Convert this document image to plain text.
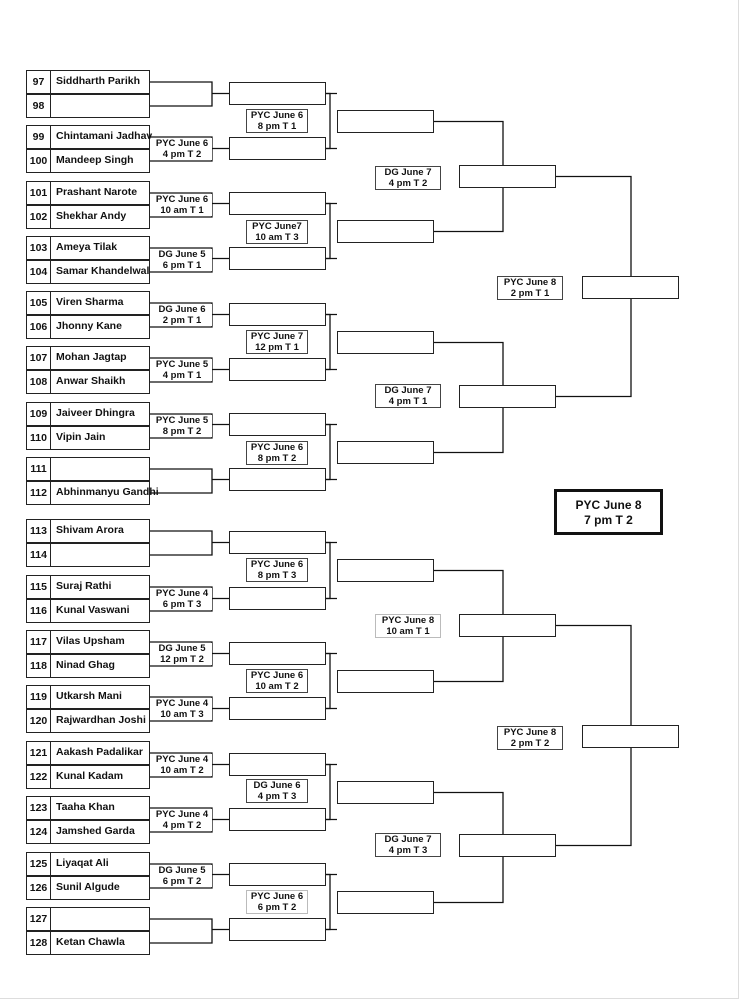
97	Siddharth Parikh
98
99	Chintamani Jadhav
100 Mandeep Singh
101 Prashant Narote
102 Shekhar Andy
103 Ameya Tilak
104 Samar Khandelwal
105 Viren Sharma
106 Jhonny Kane
107 Mohan Jagtap
108 Anwar Shaikh
109 Jaiveer Dhingra
110 Vipin Jain
111
112 Abhinmanyu Gandhi
113 Shivam Arora
114
115 Suraj Rathi
116 Kunal Vaswani
117 Vilas Upsham
118 Ninad Ghag
119 Utkarsh Mani
120 Rajwardhan Joshi
121 Aakash Padalikar
122 Kunal Kadam
123 Taaha Khan
124 Jamshed Garda
125 Liyaqat Ali
126 Sunil Algude
127
128 Ketan Chawla
PYC June 6
4 pm T 2
PYC June 6
10 am T 1
DG June 5
6 pm T 1
DG June 6
2 pm T 1
PYC June 5
4 pm T 1
PYC June 5
8 pm T 2
PYC June 4
6 pm T 3
DG June 5
12 pm T 2
PYC June 4
10 am T 3
PYC June 4
10 am T 2
PYC June 4
4 pm T 2
DG June 5
6 pm T 2
PYC June 6
8 pm T 1
PYC June7
10 am T 3
PYC June 7
12 pm T 1
PYC June 6
8 pm T 2
PYC June 6
8 pm T 3
PYC June 6
10 am T 2
DG June 6
4 pm T 3
PYC June 6
6 pm T 2
DG June 7
4 pm T 2
DG June 7
4 pm T 1
PYC June 8
10 am T 1
DG June 7
4 pm T 3
PYC June 8
2 pm T 1
PYC June 8
2 pm T 2
PYC June 8
7 pm T 2
